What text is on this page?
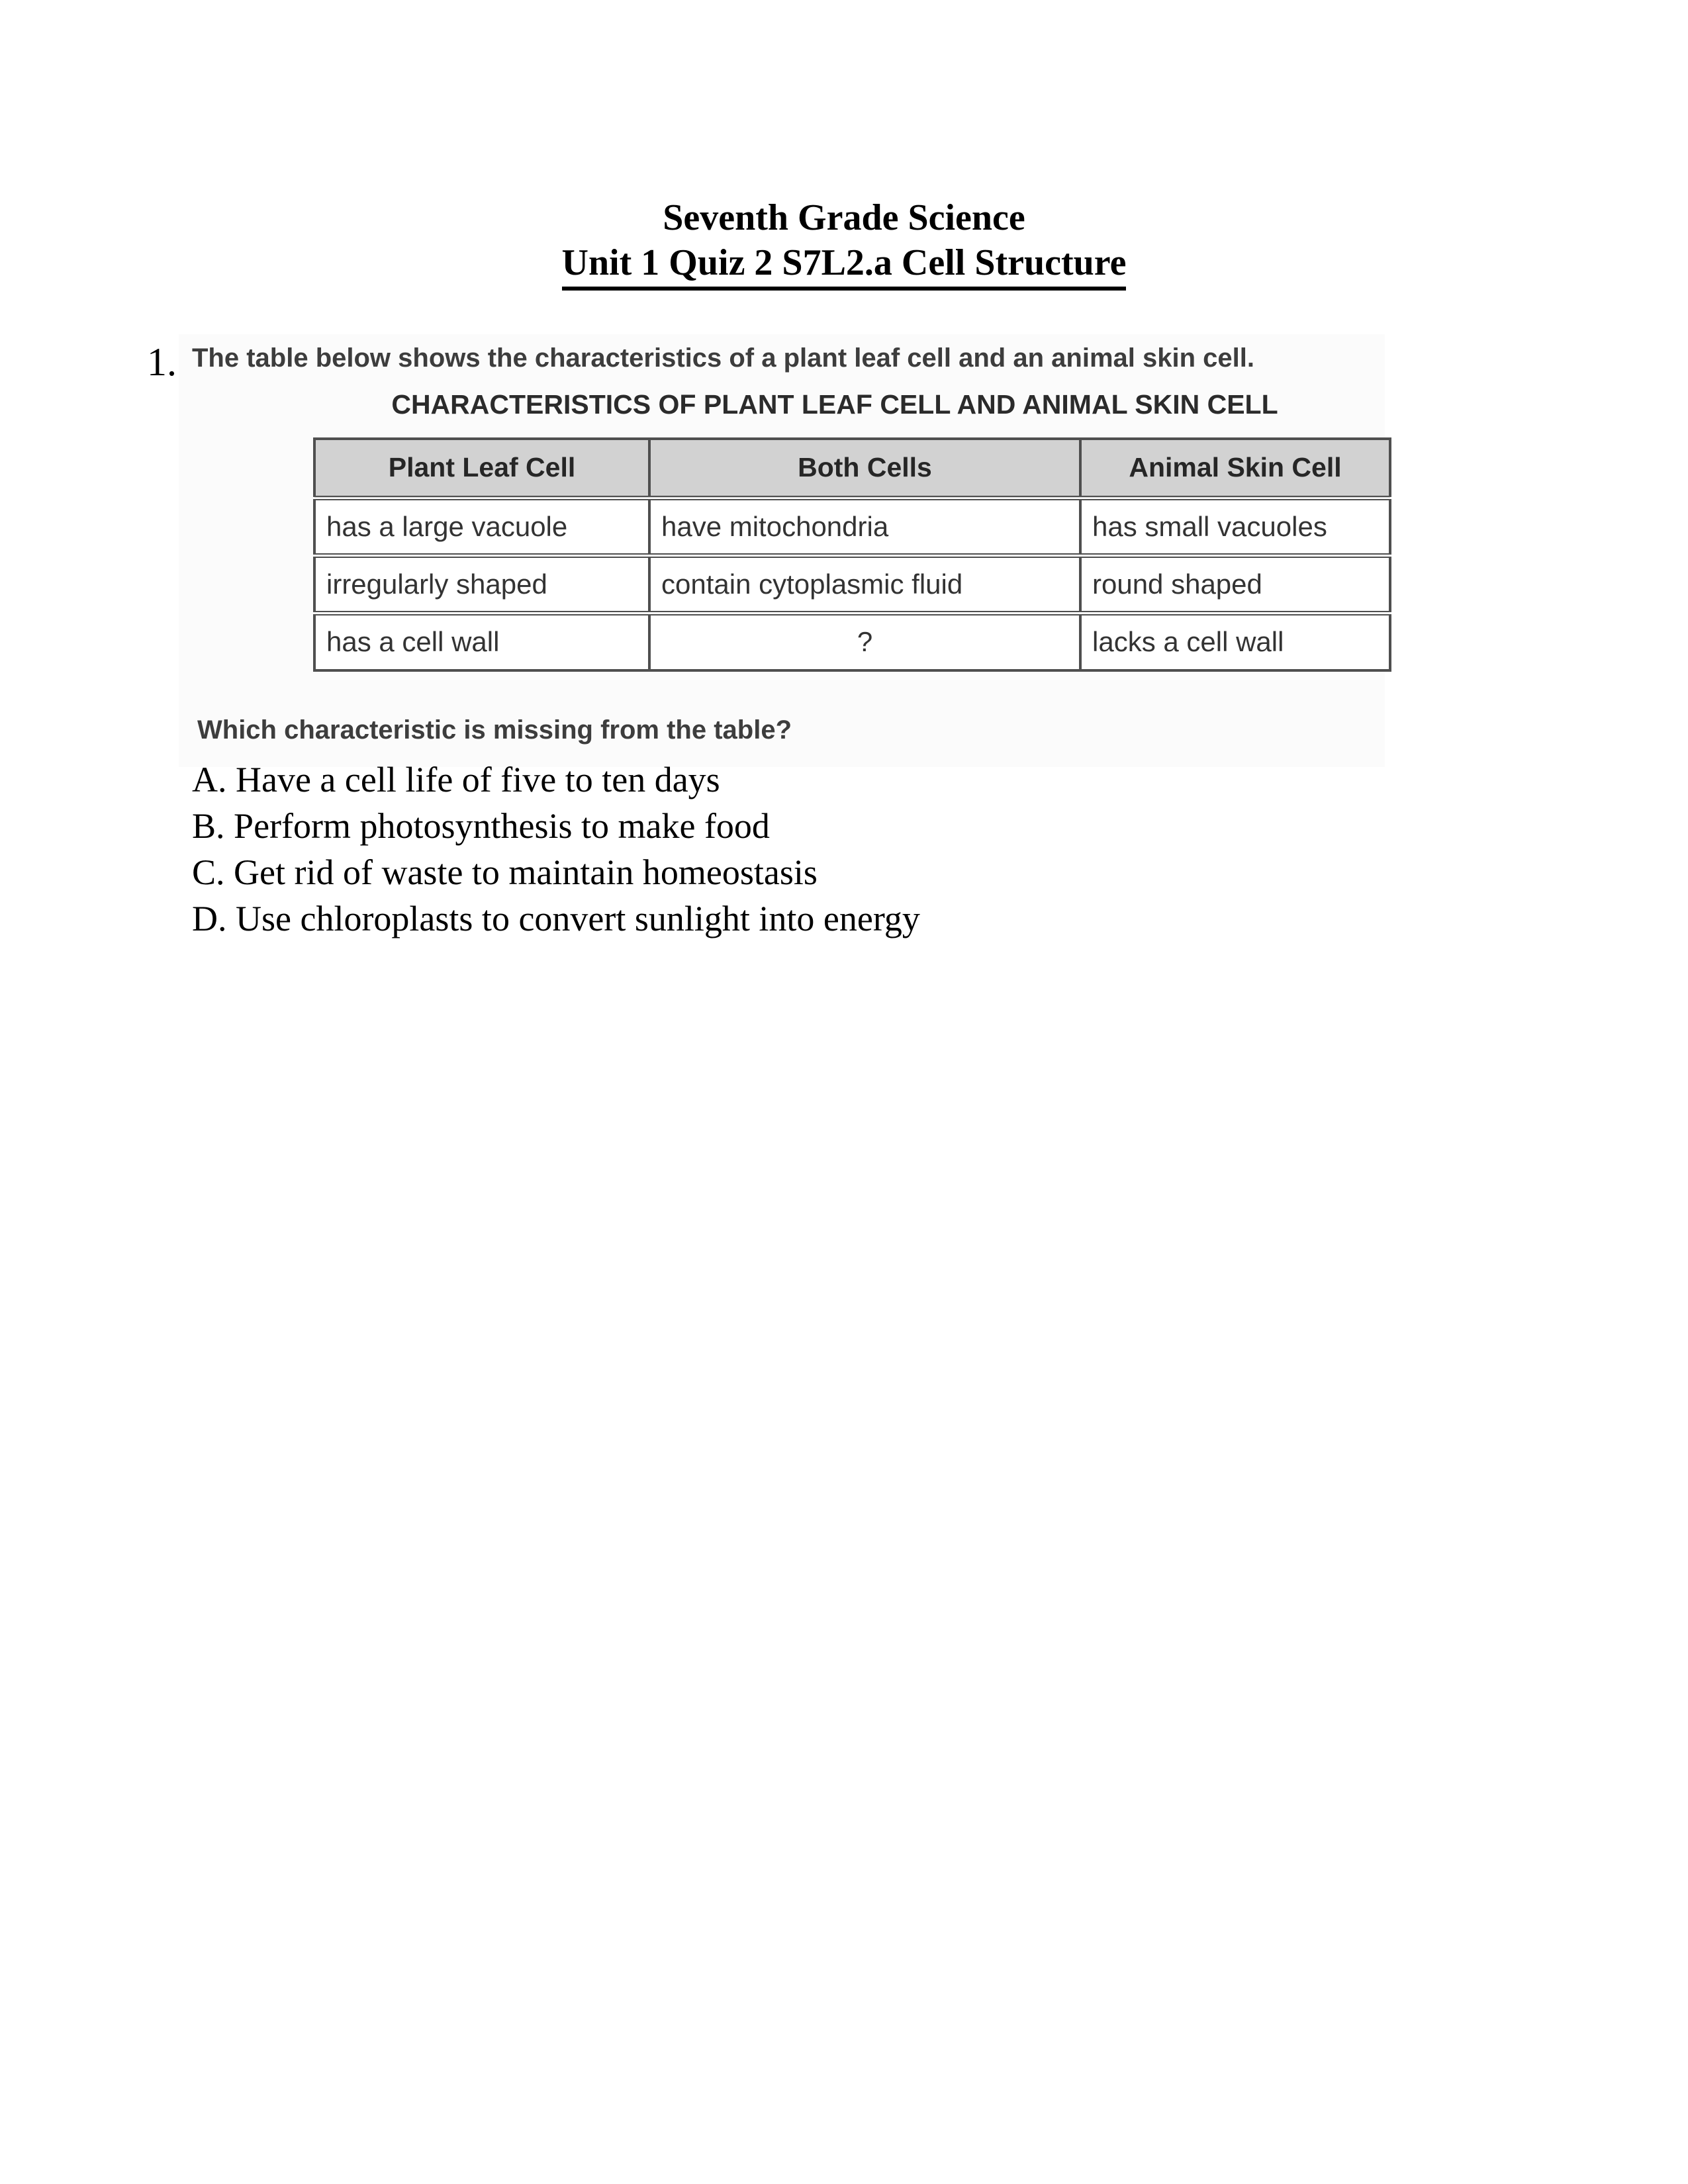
Seventh Grade Science
Unit 1 Quiz 2 S7L2.a Cell Structure
1. The table below shows the characteristics of a plant leaf cell and an animal skin cell.
CHARACTERISTICS OF PLANT LEAF CELL AND ANIMAL SKIN CELL
Plant Leaf Cell	Both Cells	Animal Skin Cell
has a large vacuole	have mitochondria	has small vacuoles
irregularly shaped	contain cytoplasmic fluid	round shaped
has a cell wall	?	lacks a cell wall
Which characteristic is missing from the table?
A. Have a cell life of five to ten days
B. Perform photosynthesis to make food
C. Get rid of waste to maintain homeostasis
D. Use chloroplasts to convert sunlight into energy
